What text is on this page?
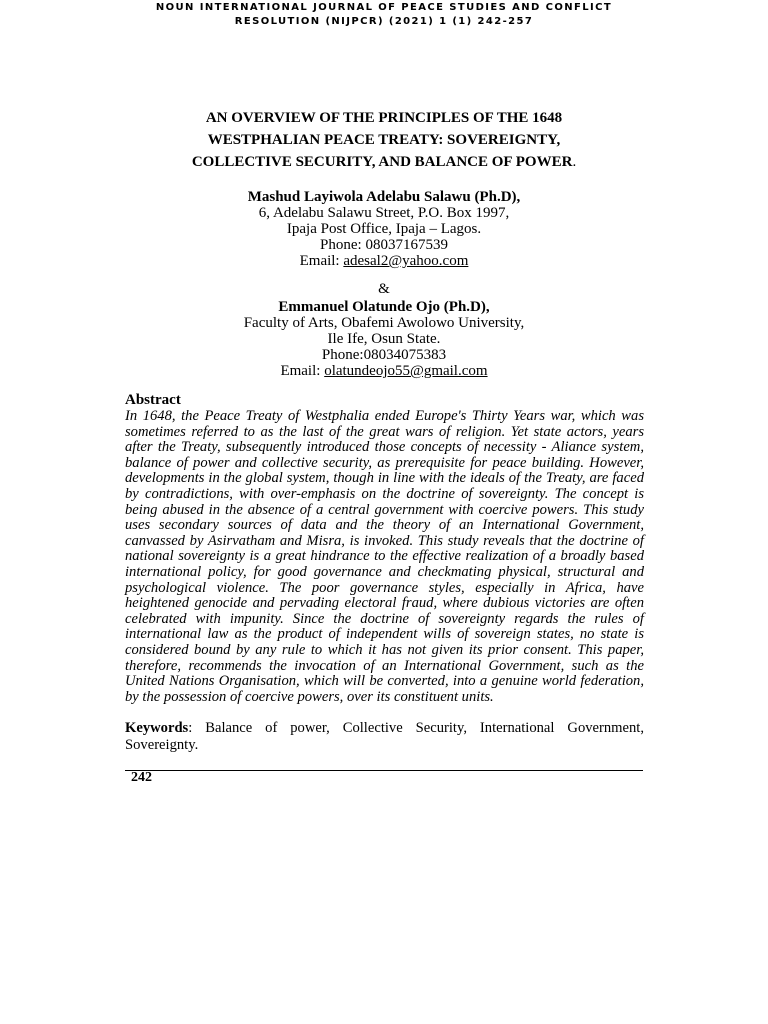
NOUN INTERNATIONAL JOURNAL OF PEACE STUDIES AND CONFLICT
RESOLUTION (NIJPCR) (2021) 1 (1) 242-257
AN OVERVIEW OF THE PRINCIPLES OF THE 1648
WESTPHALIAN PEACE TREATY: SOVEREIGNTY,
COLLECTIVE SECURITY, AND BALANCE OF POWER.
Mashud Layiwola Adelabu Salawu (Ph.D),
6, Adelabu Salawu Street, P.O. Box 1997,
Ipaja Post Office, Ipaja – Lagos.
Phone: 08037167539
Email: adesal2@yahoo.com
&
Emmanuel Olatunde Ojo (Ph.D),
Faculty of Arts, Obafemi Awolowo University,
Ile Ife, Osun State.
Phone:08034075383
Email: olatundeojo55@gmail.com
Abstract

In 1648, the Peace Treaty of Westphalia ended Europe's Thirty Years war, which was sometimes referred to as the last of the great wars of religion. Yet state actors, years after the Treaty, subsequently introduced those concepts of necessity - Aliance system, balance of power and collective security, as prerequisite for peace building. However, developments in the global system, though in line with the ideals of the Treaty, are faced by contradictions, with over-emphasis on the doctrine of sovereignty. The concept is being abused in the absence of a central government with coercive powers. This study uses secondary sources of data and the theory of an International Government, canvassed by Asirvatham and Misra, is invoked. This study reveals that the doctrine of national sovereignty is a great hindrance to the effective realization of a broadly based international policy, for good governance and checkmating physical, structural and psychological violence. The poor governance styles, especially in Africa, have heightened genocide and pervading electoral fraud, where dubious victories are often celebrated with impunity. Since the doctrine of sovereignty regards the rules of international law as the product of independent wills of sovereign states, no state is considered bound by any rule to which it has not given its prior consent. This paper, therefore, recommends the invocation of an International Government, such as the United Nations Organisation, which will be converted, into a genuine world federation, by the possession of coercive powers, over its constituent units.

Keywords: Balance of power, Collective Security, International Government, Sovereignty.

242
